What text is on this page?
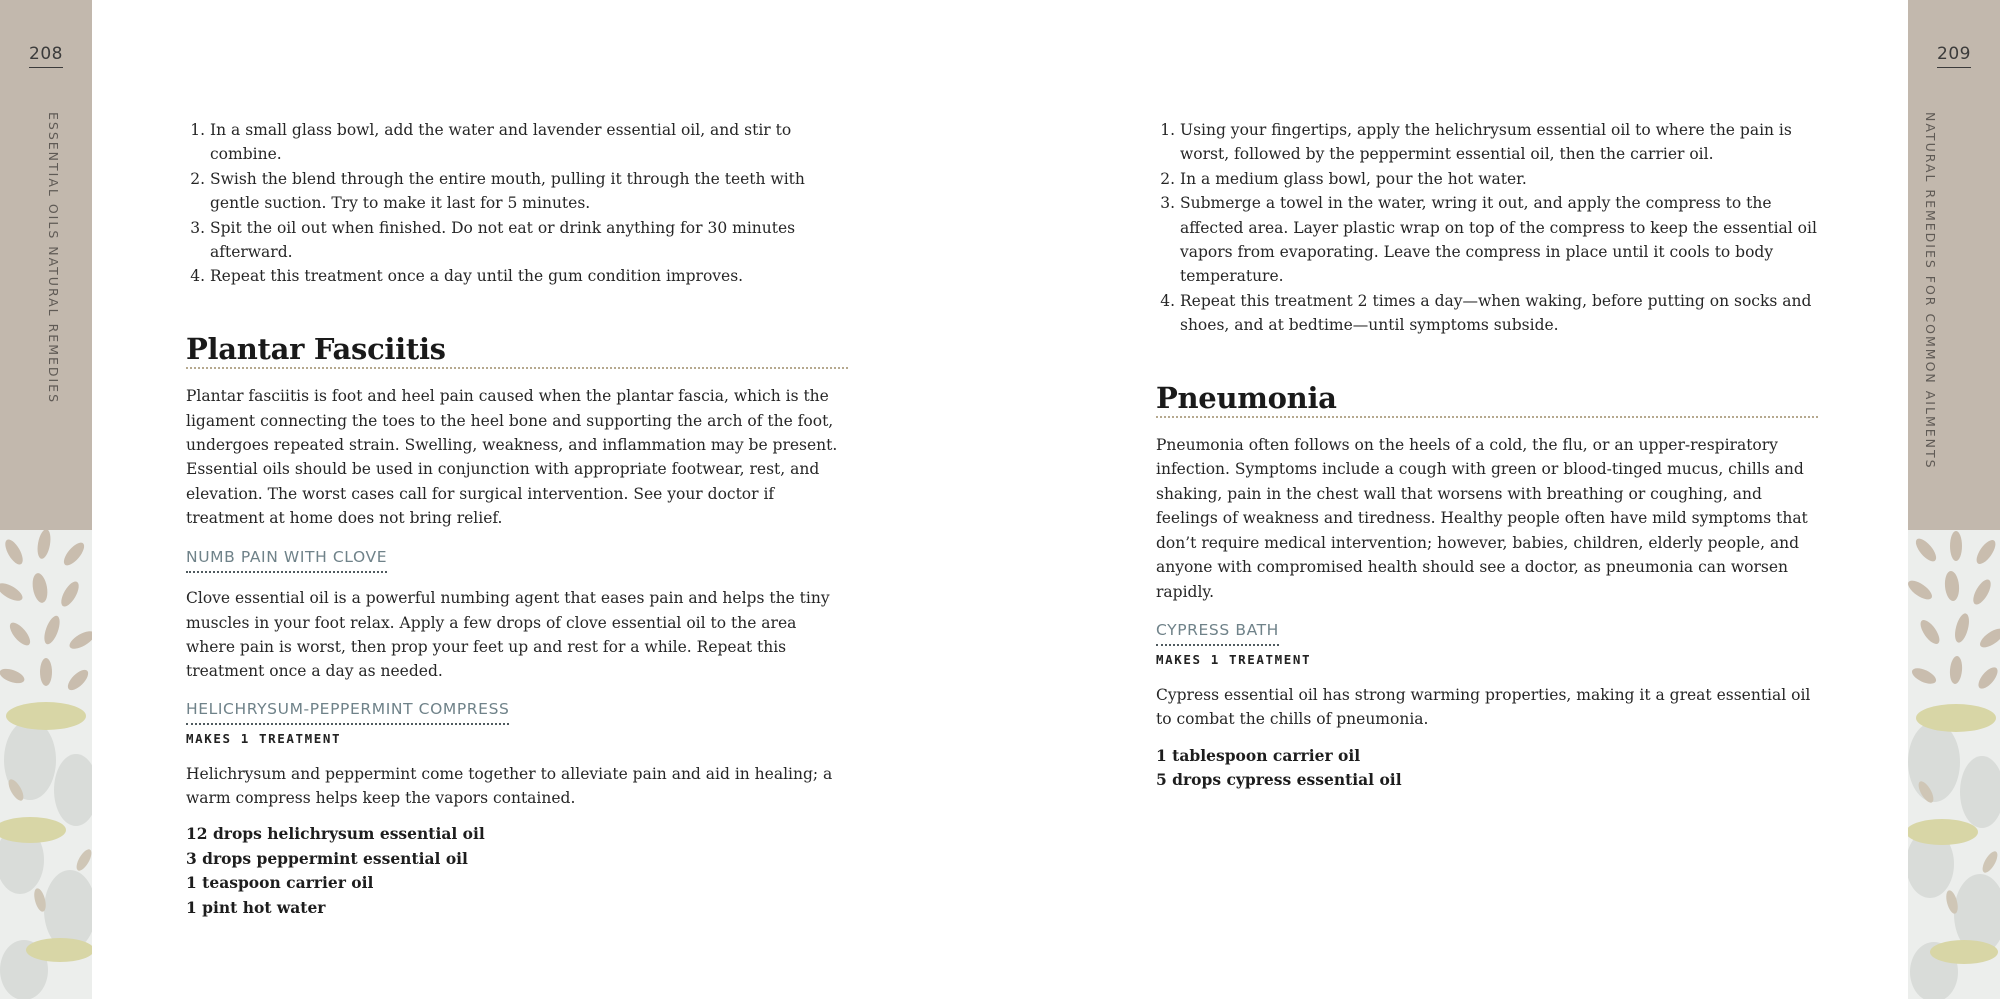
208
ESSENTIAL OILS NATURAL REMEDIES
1.	In a small glass bowl, add the water and lavender essential oil, and stir to combine.
2. Swish the blend through the entire mouth, pulling it through the teeth with gentle suction. Try to make it last for 5 minutes.
3. Spit the oil out when finished. Do not eat or drink anything for 30 minutes afterward.
4. Repeat this treatment once a day until the gum condition improves.
Plantar Fasciitis

Plantar fasciitis is foot and heel pain caused when the plantar fascia, which is the ligament connecting the toes to the heel bone and supporting the arch of the foot, undergoes repeated strain. Swelling, weakness, and inflammation may be present. Essential oils should be used in conjunction with appropriate footwear, rest, and elevation. The worst cases call for surgical intervention. See your doctor if treatment at home does not bring relief.

NUMB PAIN WITH CLOVE

Clove essential oil is a powerful numbing agent that eases pain and helps the tiny muscles in your foot relax. Apply a few drops of clove essential oil to the area where pain is worst, then prop your feet up and rest for a while. Repeat this treatment once a day as needed.

HELICHRYSUM-PEPPERMINT COMPRESS
MAKES 1 TREATMENT

Helichrysum and peppermint come together to alleviate pain and aid in healing; a warm compress helps keep the vapors contained.

12 drops helichrysum essential oil
3 drops peppermint essential oil
1 teaspoon carrier oil
1 pint hot water
209
NATURAL REMEDIES FOR COMMON AILMENTS
1. Using your fingertips, apply the helichrysum essential oil to where the pain is worst, followed by the peppermint essential oil, then the carrier oil.
2. In a medium glass bowl, pour the hot water.
3. Submerge a towel in the water, wring it out, and apply the compress to the affected area. Layer plastic wrap on top of the compress to keep the essential oil vapors from evaporating. Leave the compress in place until it cools to body temperature.
4. Repeat this treatment 2 times a day—when waking, before putting on socks and shoes, and at bedtime—until symptoms subside.
Pneumonia

Pneumonia often follows on the heels of a cold, the flu, or an upper-respiratory infection. Symptoms include a cough with green or blood-tinged mucus, chills and shaking, pain in the chest wall that worsens with breathing or coughing, and feelings of weakness and tiredness. Healthy people often have mild symptoms that don’t require medical intervention; however, babies, children, elderly people, and anyone with compromised health should see a doctor, as pneumonia can worsen rapidly.

CYPRESS BATH
MAKES 1 TREATMENT

Cypress essential oil has strong warming properties, making it a great essential oil to combat the chills of pneumonia.

1 tablespoon carrier oil
5 drops cypress essential oil
